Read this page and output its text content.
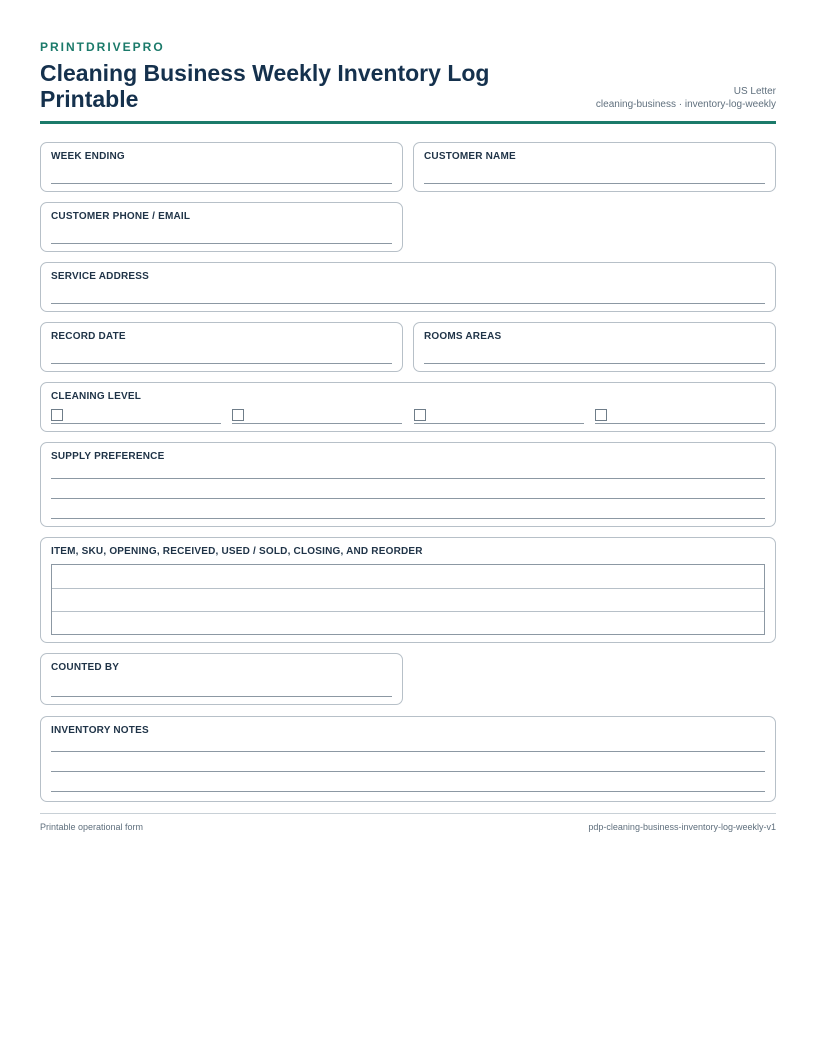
PRINTDRIVEPRO
Cleaning Business Weekly Inventory Log Printable	US Letter
cleaning-business · inventory-log-weekly
WEEK ENDING	CUSTOMER NAME
CUSTOMER PHONE / EMAIL
SERVICE ADDRESS
RECORD DATE	ROOMS AREAS
CLEANING LEVEL
SUPPLY PREFERENCE
ITEM, SKU, OPENING, RECEIVED, USED / SOLD, CLOSING, AND REORDER
COUNTED BY
INVENTORY NOTES
Printable operational form	pdp-cleaning-business-inventory-log-weekly-v1
